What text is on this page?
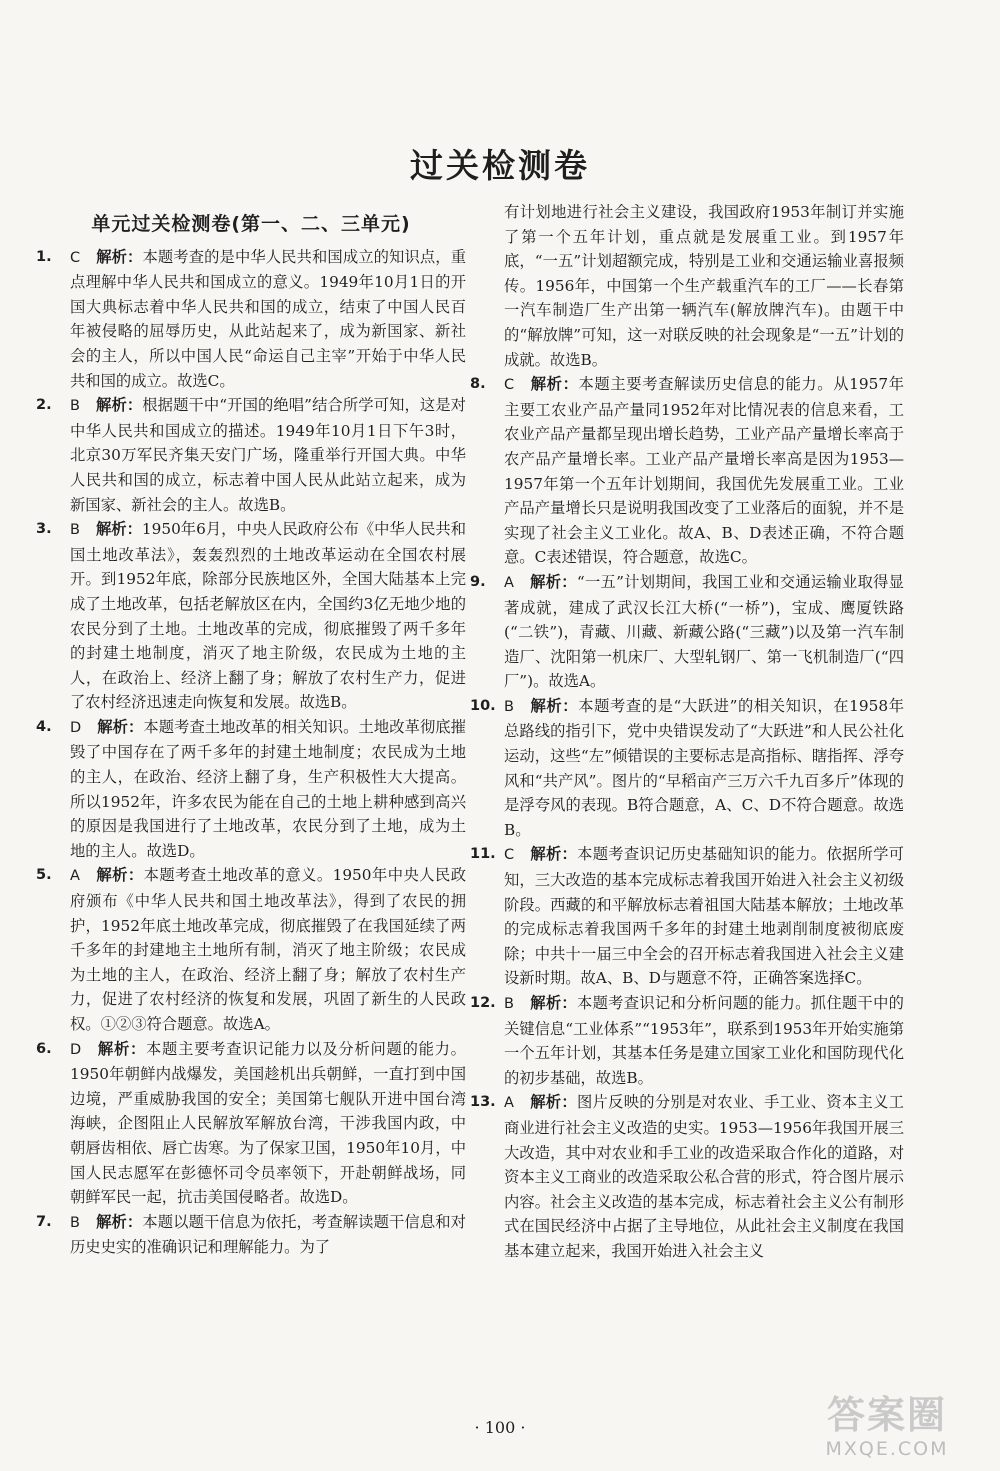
过关检测卷
单元过关检测卷(第一、二、三单元)
1. C 解析：本题考查的是中华人民共和国成立的知识点，重点理解中华人民共和国成立的意义。1949年10月1日的开国大典标志着中华人民共和国的成立，结束了中国人民百年被侵略的屈辱历史，从此站起来了，成为新国家、新社会的主人，所以中国人民“命运自己主宰”开始于中华人民共和国的成立。故选C。
2. B 解析：根据题干中“开国的绝唱”结合所学可知，这是对中华人民共和国成立的描述。1949年10月1日下午3时，北京30万军民齐集天安门广场，隆重举行开国大典。中华人民共和国的成立，标志着中国人民从此站立起来，成为新国家、新社会的主人。故选B。
3. B 解析：1950年6月，中央人民政府公布《中华人民共和国土地改革法》，轰轰烈烈的土地改革运动在全国农村展开。到1952年底，除部分民族地区外，全国大陆基本上完成了土地改革，包括老解放区在内，全国约3亿无地少地的农民分到了土地。土地改革的完成，彻底摧毁了两千多年的封建土地制度，消灭了地主阶级，农民成为土地的主人，在政治上、经济上翻了身；解放了农村生产力，促进了农村经济迅速走向恢复和发展。故选B。
4. D 解析：本题考查土地改革的相关知识。土地改革彻底摧毁了中国存在了两千多年的封建土地制度；农民成为土地的主人，在政治、经济上翻了身，生产积极性大大提高。所以1952年，许多农民为能在自己的土地上耕种感到高兴的原因是我国进行了土地改革，农民分到了土地，成为土地的主人。故选D。
5. A 解析：本题考查土地改革的意义。1950年中央人民政府颁布《中华人民共和国土地改革法》，得到了农民的拥护，1952年底土地改革完成，彻底摧毁了在我国延续了两千多年的封建地主土地所有制，消灭了地主阶级；农民成为土地的主人，在政治、经济上翻了身；解放了农村生产力，促进了农村经济的恢复和发展，巩固了新生的人民政权。①②③符合题意。故选A。
6. D 解析：本题主要考查识记能力以及分析问题的能力。1950年朝鲜内战爆发，美国趁机出兵朝鲜，一直打到中国边境，严重威胁我国的安全；美国第七舰队开进中国台湾海峡，企图阻止人民解放军解放台湾，干涉我国内政，中朝唇齿相依、唇亡齿寒。为了保家卫国，1950年10月，中国人民志愿军在彭德怀司令员率领下，开赴朝鲜战场，同朝鲜军民一起，抗击美国侵略者。故选D。
7. B 解析：本题以题干信息为依托，考查解读题干信息和对历史史实的准确识记和理解能力。为了
有计划地进行社会主义建设，我国政府1953年制订并实施了第一个五年计划，重点就是发展重工业。到1957年底，“一五”计划超额完成，特别是工业和交通运输业喜报频传。1956年，中国第一个生产载重汽车的工厂——长春第一汽车制造厂生产出第一辆汽车(解放牌汽车)。由题干中的“解放牌”可知，这一对联反映的社会现象是“一五”计划的成就。故选B。
8. C 解析：本题主要考查解读历史信息的能力。从1957年主要工农业产品产量同1952年对比情况表的信息来看，工农业产品产量都呈现出增长趋势，工业产品产量增长率高于农产品产量增长率。工业产品产量增长率高是因为1953—1957年第一个五年计划期间，我国优先发展重工业。工业产品产量增长只是说明我国改变了工业落后的面貌，并不是实现了社会主义工业化。故A、B、D表述正确，不符合题意。C表述错误，符合题意，故选C。
9. A 解析：“一五”计划期间，我国工业和交通运输业取得显著成就，建成了武汉长江大桥(“一桥”)，宝成、鹰厦铁路(“二铁”)，青藏、川藏、新藏公路(“三藏”)以及第一汽车制造厂、沈阳第一机床厂、大型轧钢厂、第一飞机制造厂(“四厂”)。故选A。
10. B 解析：本题考查的是“大跃进”的相关知识，在1958年总路线的指引下，党中央错误发动了“大跃进”和人民公社化运动，这些“左”倾错误的主要标志是高指标、瞎指挥、浮夸风和“共产风”。图片的“早稻亩产三万六千九百多斤”体现的是浮夸风的表现。B符合题意，A、C、D不符合题意。故选B。
11. C 解析：本题考查识记历史基础知识的能力。依据所学可知，三大改造的基本完成标志着我国开始进入社会主义初级阶段。西藏的和平解放标志着祖国大陆基本解放；土地改革的完成标志着我国两千多年的封建土地剥削制度被彻底废除；中共十一届三中全会的召开标志着我国进入社会主义建设新时期。故A、B、D与题意不符，正确答案选择C。
12. B 解析：本题考查识记和分析问题的能力。抓住题干中的关键信息“工业体系”“1953年”，联系到1953年开始实施第一个五年计划，其基本任务是建立国家工业化和国防现代化的初步基础，故选B。
13. A 解析：图片反映的分别是对农业、手工业、资本主义工商业进行社会主义改造的史实。1953—1956年我国开展三大改造，其中对农业和手工业的改造采取合作化的道路，对资本主义工商业的改造采取公私合营的形式，符合图片展示内容。社会主义改造的基本完成，标志着社会主义公有制形式在国民经济中占据了主导地位，从此社会主义制度在我国基本建立起来，我国开始进入社会主义
· 100 ·	答案圈
MXQE.COM
